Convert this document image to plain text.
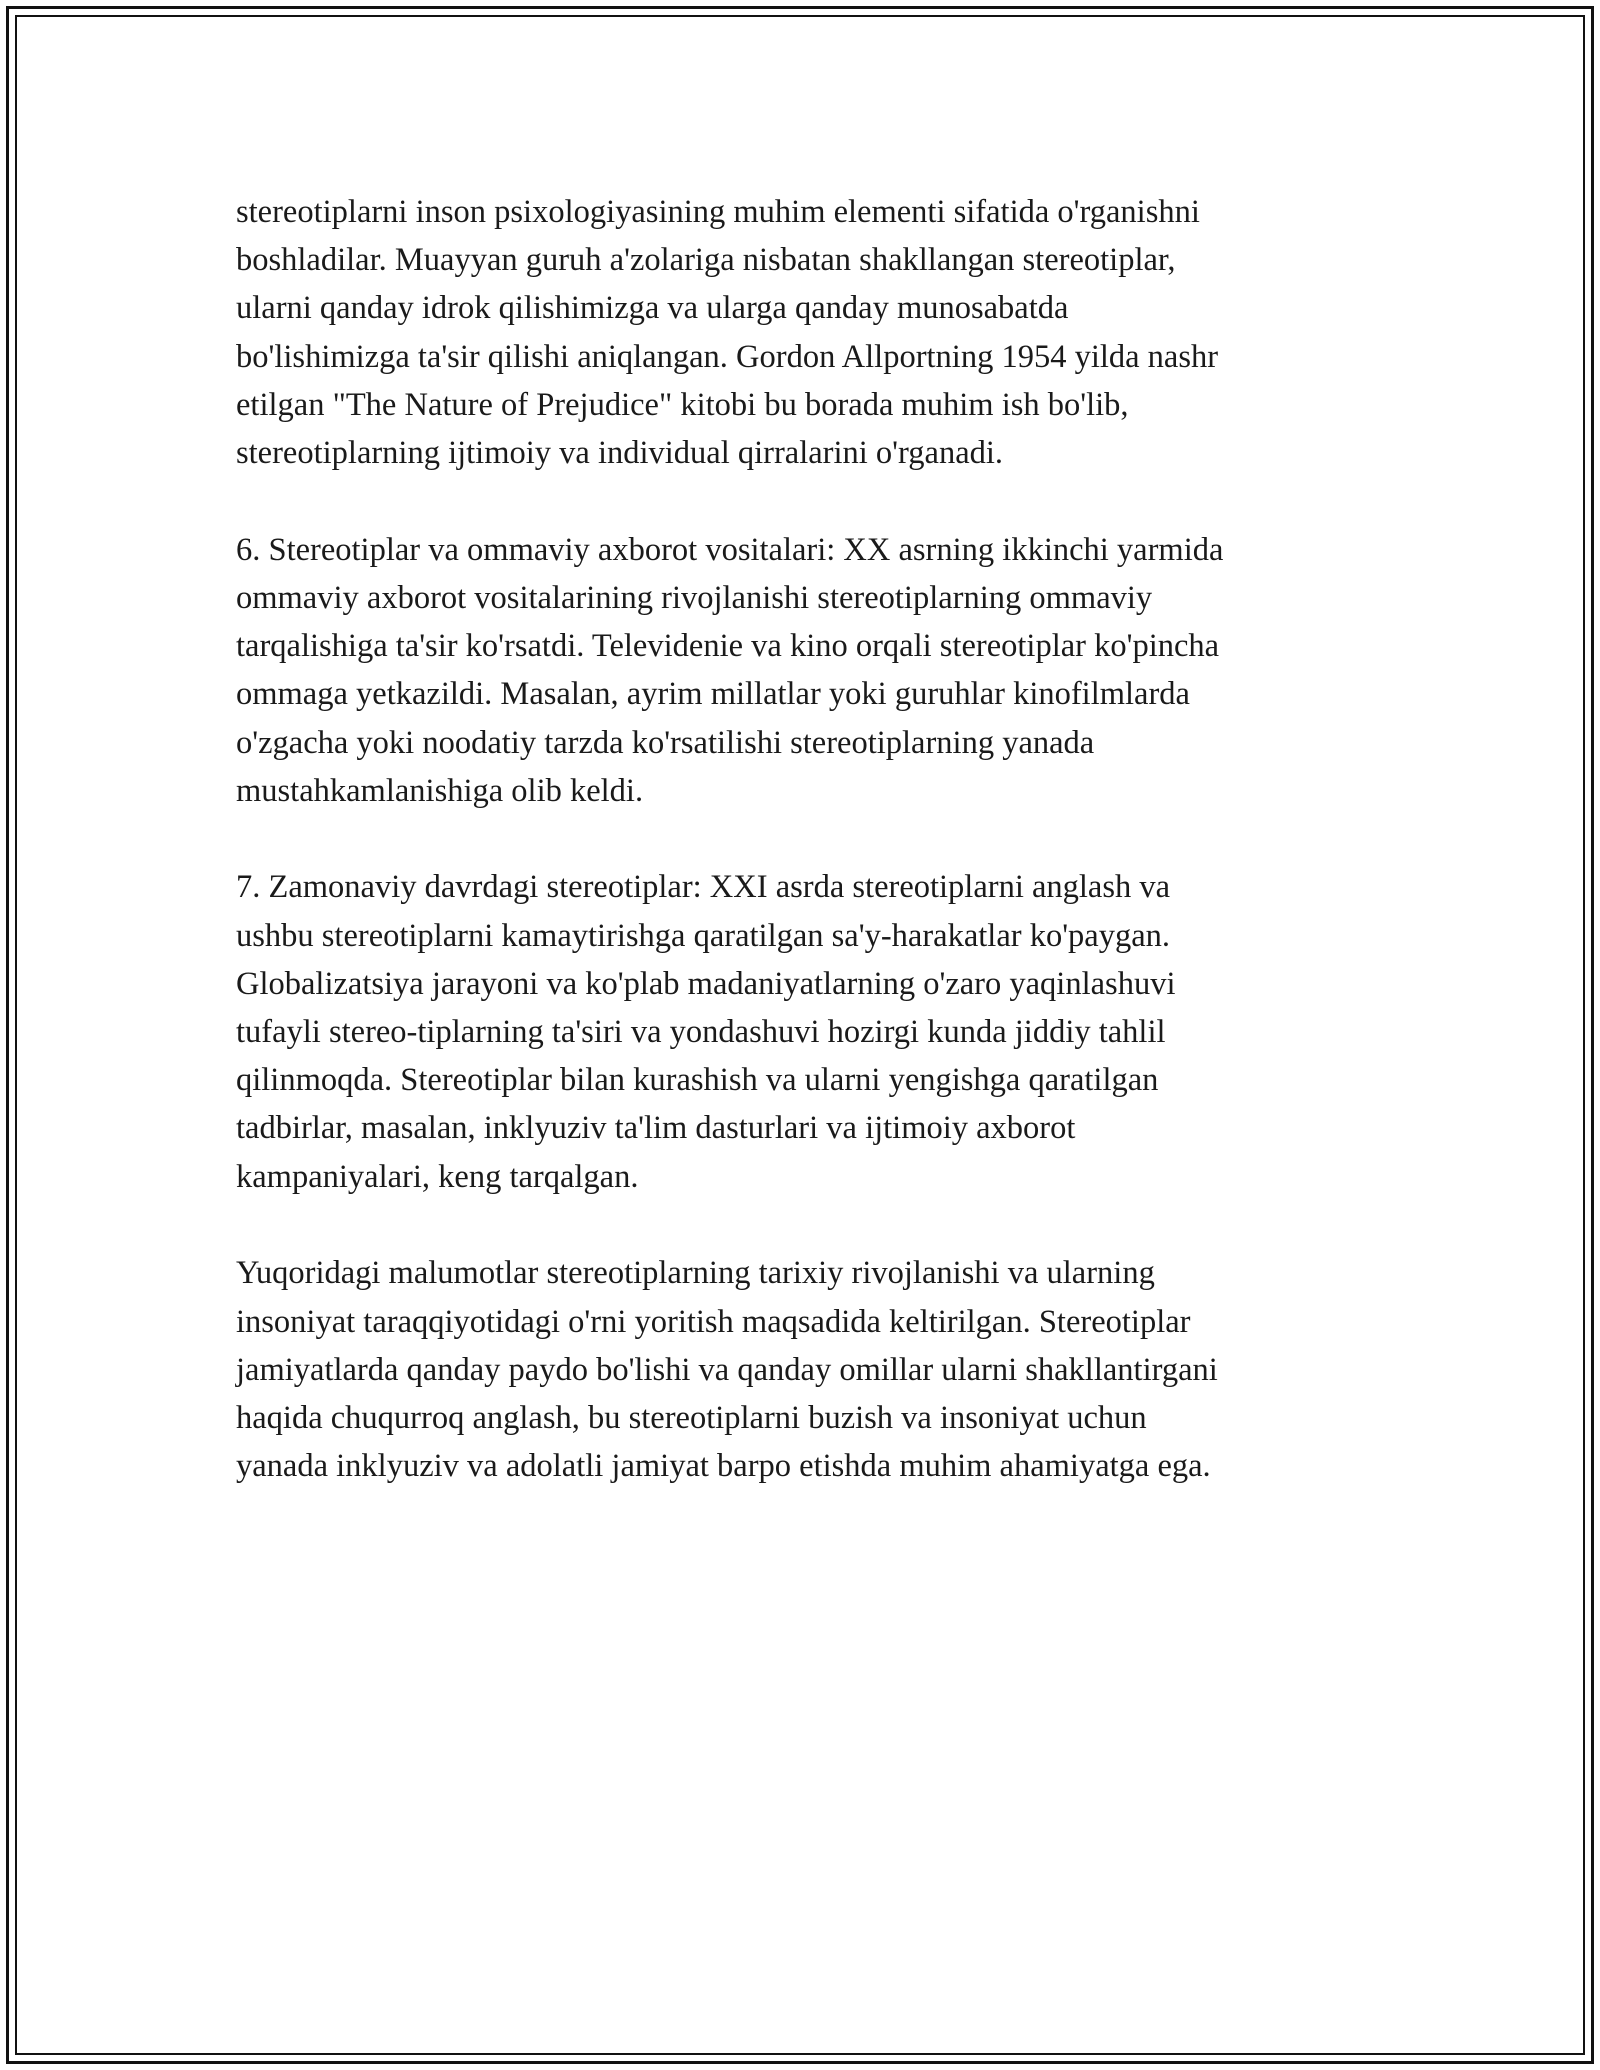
stereotiplarni inson psixologiyasining muhim elementi sifatida o'rganishni
boshladilar. Muayyan guruh a'zolariga nisbatan shakllangan stereotiplar,
ularni qanday idrok qilishimizga va ularga qanday munosabatda
bo'lishimizga ta'sir qilishi aniqlangan. Gordon Allportning 1954 yilda nashr
etilgan "The Nature of Prejudice" kitobi bu borada muhim ish bo'lib,
stereotiplarning ijtimoiy va individual qirralarini o'rganadi.

6. Stereotiplar va ommaviy axborot vositalari: XX asrning ikkinchi yarmida
ommaviy axborot vositalarining rivojlanishi stereotiplarning ommaviy
tarqalishiga ta'sir ko'rsatdi. Televidenie va kino orqali stereotiplar ko'pincha
ommaga yetkazildi. Masalan, ayrim millatlar yoki guruhlar kinofilmlarda
o'zgacha yoki noodatiy tarzda ko'rsatilishi stereotiplarning yanada
mustahkamlanishiga olib keldi.

7. Zamonaviy davrdagi stereotiplar: XXI asrda stereotiplarni anglash va
ushbu stereotiplarni kamaytirishga qaratilgan sa'y-harakatlar ko'paygan.
Globalizatsiya jarayoni va ko'plab madaniyatlarning o'zaro yaqinlashuvi
tufayli stereo-tiplarning ta'siri va yondashuvi hozirgi kunda jiddiy tahlil
qilinmoqda. Stereotiplar bilan kurashish va ularni yengishga qaratilgan
tadbirlar, masalan, inklyuziv ta'lim dasturlari va ijtimoiy axborot
kampaniyalari, keng tarqalgan.

Yuqoridagi malumotlar stereotiplarning tarixiy rivojlanishi va ularning
insoniyat taraqqiyotidagi o'rni yoritish maqsadida keltirilgan. Stereotiplar
jamiyatlarda qanday paydo bo'lishi va qanday omillar ularni shakllantirgani
haqida chuqurroq anglash, bu stereotiplarni buzish va insoniyat uchun
yanada inklyuziv va adolatli jamiyat barpo etishda muhim ahamiyatga ega.
